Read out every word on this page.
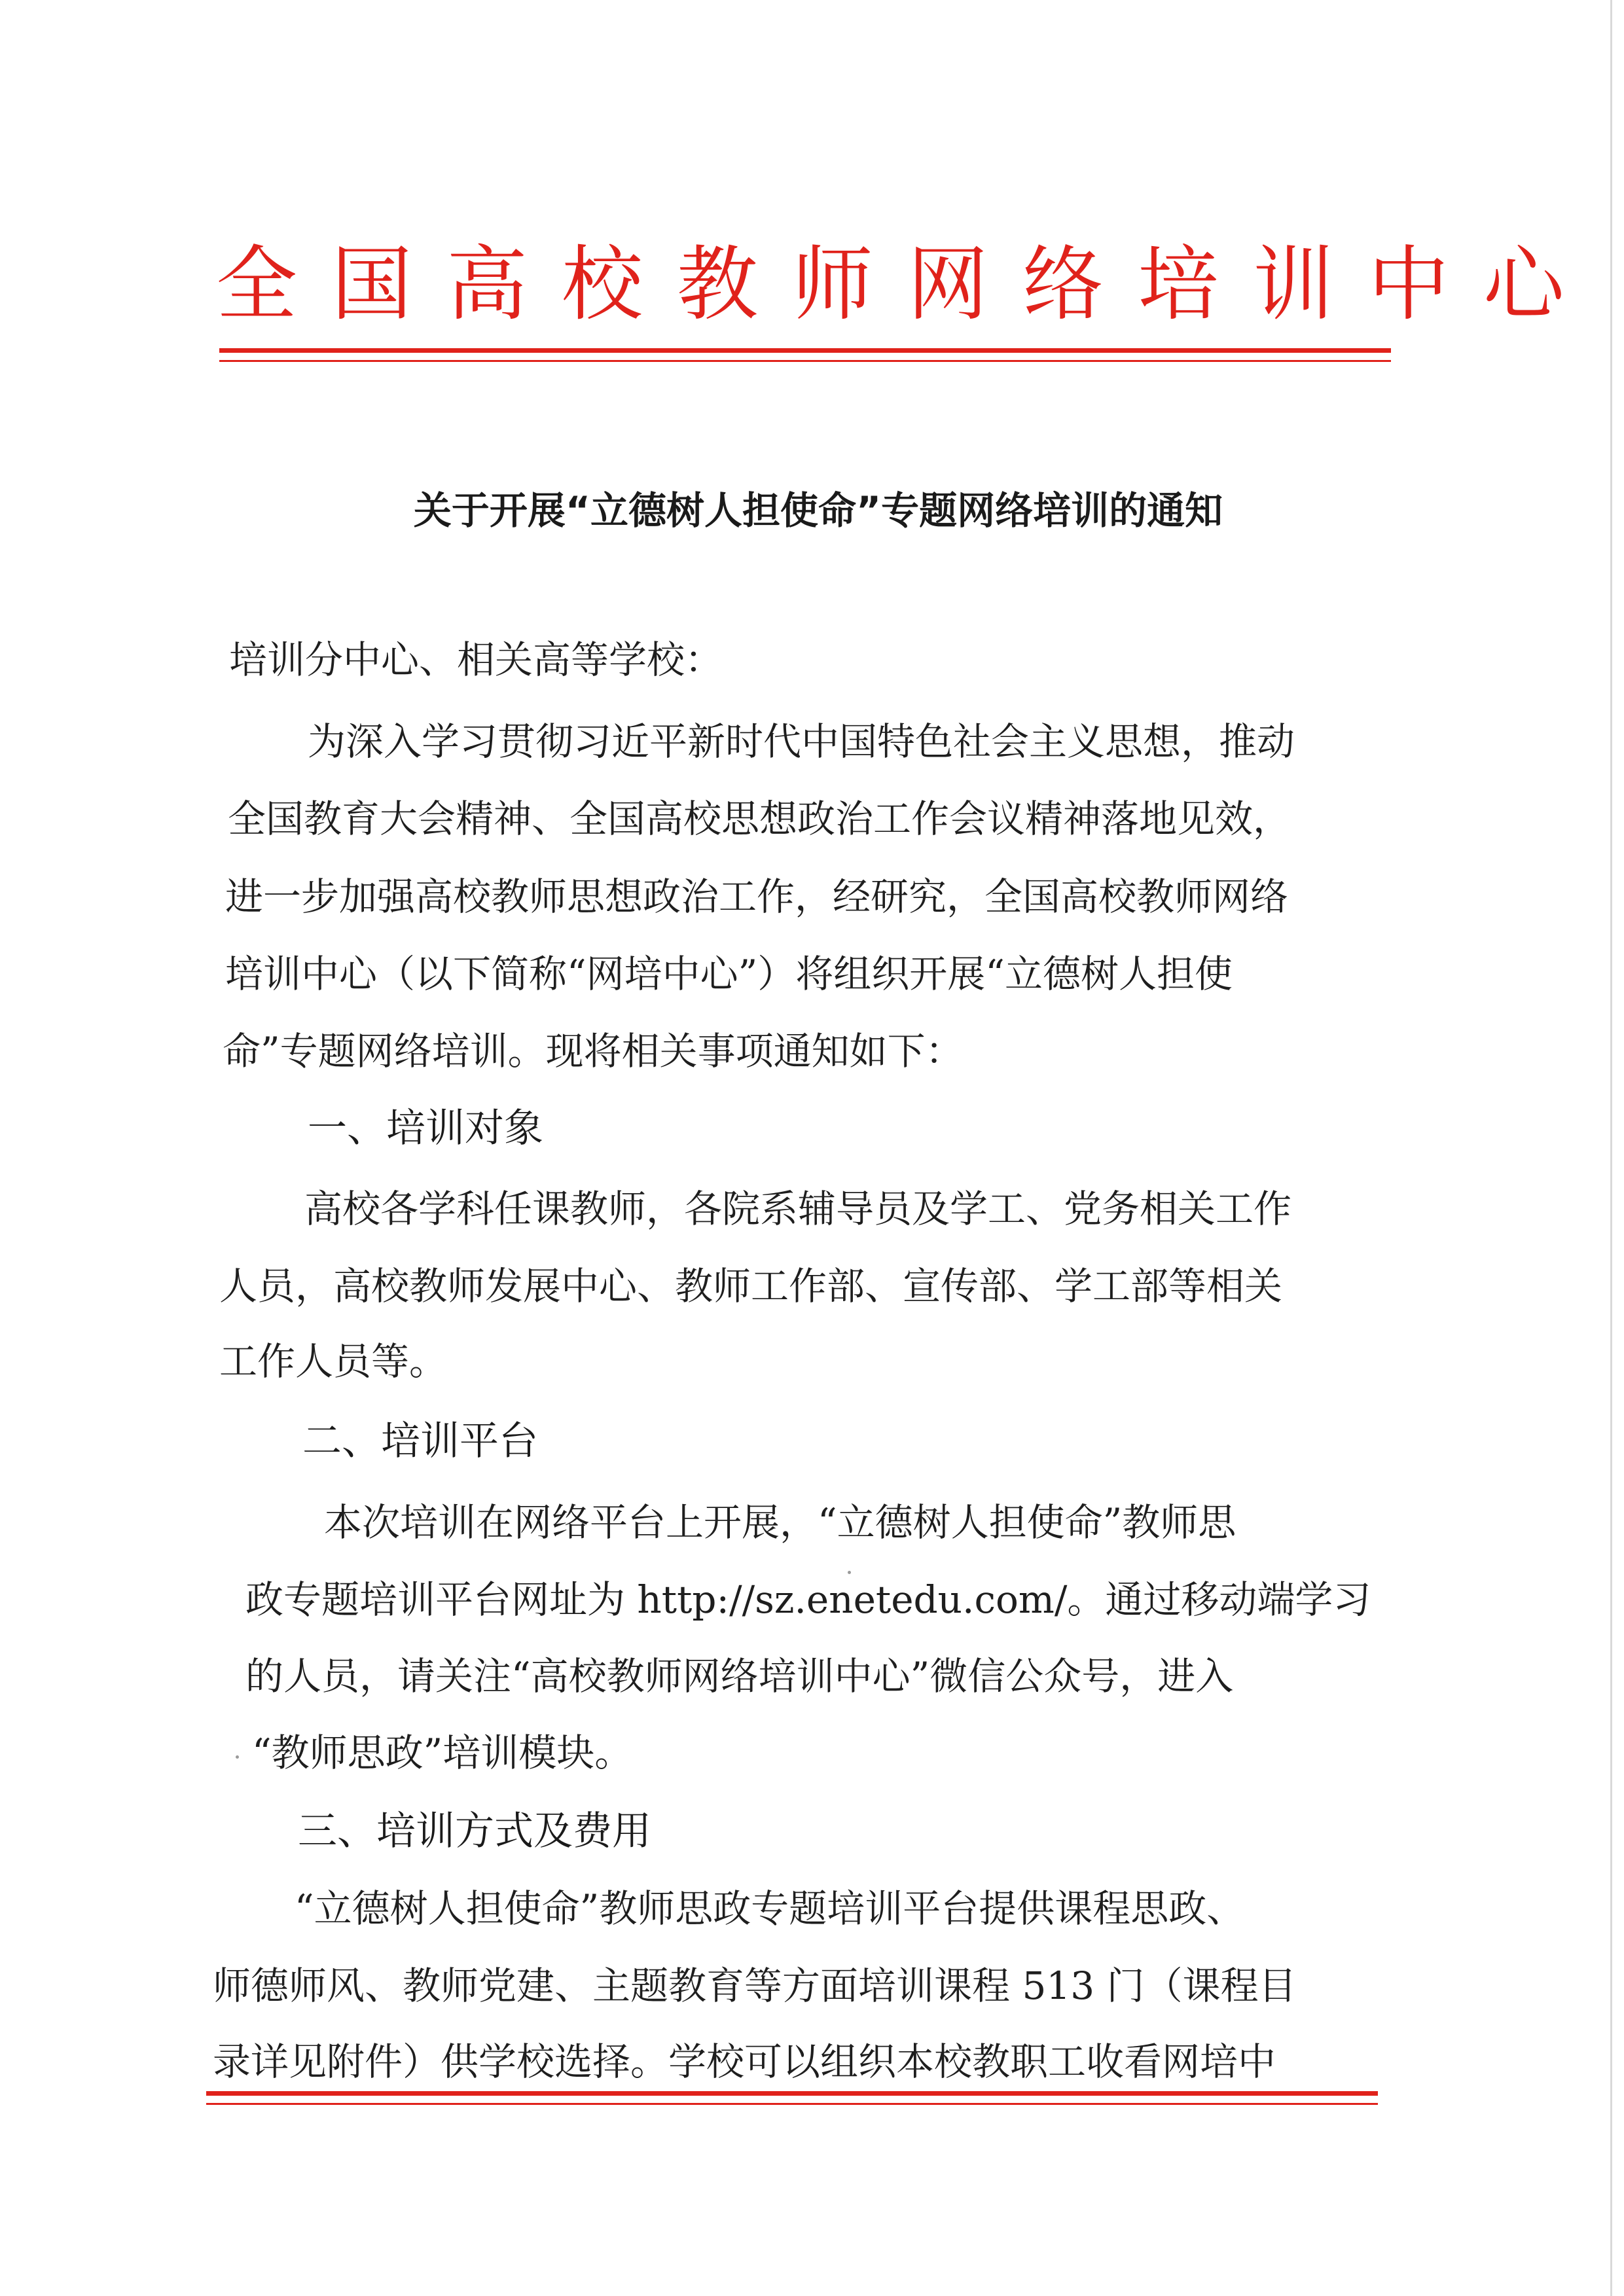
全国高校教师网络培训中心
关于开展“立德树人担使命”专题网络培训的通知
培训分中心、相关高等学校：
为深入学习贯彻习近平新时代中国特色社会主义思想，推动
全国教育大会精神、全国高校思想政治工作会议精神落地见效，
进一步加强高校教师思想政治工作，经研究，全国高校教师网络
培训中心（以下简称“网培中心”）将组织开展“立德树人担使
命”专题网络培训。现将相关事项通知如下：
一、培训对象
高校各学科任课教师，各院系辅导员及学工、党务相关工作
人员，高校教师发展中心、教师工作部、宣传部、学工部等相关
工作人员等。
二、培训平台
本次培训在网络平台上开展，“立德树人担使命”教师思
政专题培训平台网址为 http://sz.enetedu.com/。通过移动端学习
的人员，请关注“高校教师网络培训中心”微信公众号，进入
“教师思政”培训模块。
三、培训方式及费用
“立德树人担使命”教师思政专题培训平台提供课程思政、
师德师风、教师党建、主题教育等方面培训课程 513 门（课程目
录详见附件）供学校选择。学校可以组织本校教职工收看网培中
